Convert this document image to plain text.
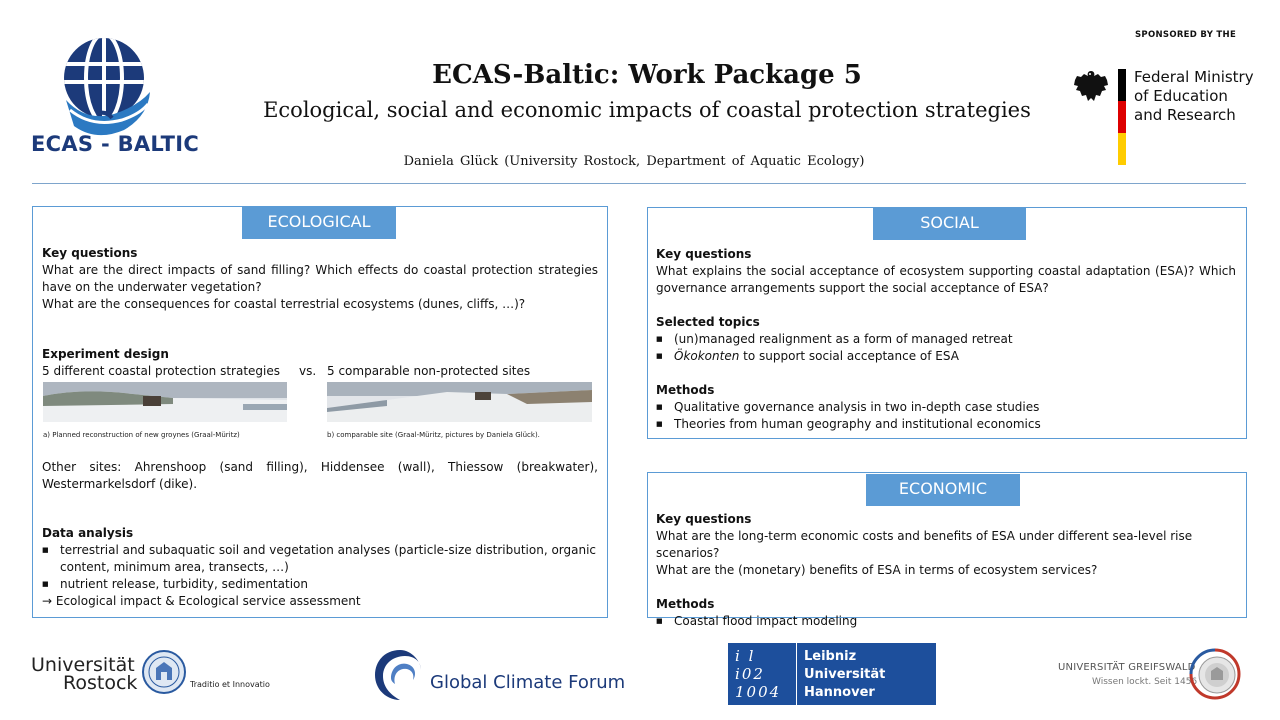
ECAS - BALTIC
ECAS-Baltic: Work Package 5
Ecological, social and economic impacts of coastal protection strategies
Daniela Glück (University Rostock, Department of Aquatic Ecology)
SPONSORED BY THE
Federal Ministry
of Education
and Research
ECOLOGICAL
Key questions
What are the direct impacts of sand filling? Which effects do coastal protection strategies have on the underwater vegetation?
What are the consequences for coastal terrestrial ecosystems (dunes, cliffs, …)?
Experiment design
5 different coastal protection strategies vs. 5 comparable non-protected sites
a) Planned reconstruction of new groynes (Graal-Müritz)	b) comparable site (Graal-Müritz, pictures by Daniela Glück).
Other sites: Ahrenshoop (sand filling), Hiddensee (wall), Thiessow (breakwater), Westermarkelsdorf (dike).
Data analysis
■ terrestrial and subaquatic soil and vegetation analyses (particle-size distribution, organic content, minimum area, transects, …)
■ nutrient release, turbidity, sedimentation
→ Ecological impact & Ecological service assessment
SOCIAL
Key questions
What explains the social acceptance of ecosystem supporting coastal adaptation (ESA)? Which governance arrangements support the social acceptance of ESA?
Selected topics
■ (un)managed realignment as a form of managed retreat
■ Ökokonten to support social acceptance of ESA
Methods
■ Qualitative governance analysis in two in-depth case studies
■ Theories from human geography and institutional economics
ECONOMIC
Key questions
What are the long-term economic costs and benefits of ESA under different sea-level rise scenarios?
What are the (monetary) benefits of ESA in terms of ecosystem services?
Methods
■ Coastal flood impact modeling
Universität
Rostock	Traditio et Innovatio	Global Climate Forum
i l
i02
1004
Leibniz
Universität
Hannover
UNIVERSITÄT GREIFSWALD
Wissen lockt. Seit 1456
